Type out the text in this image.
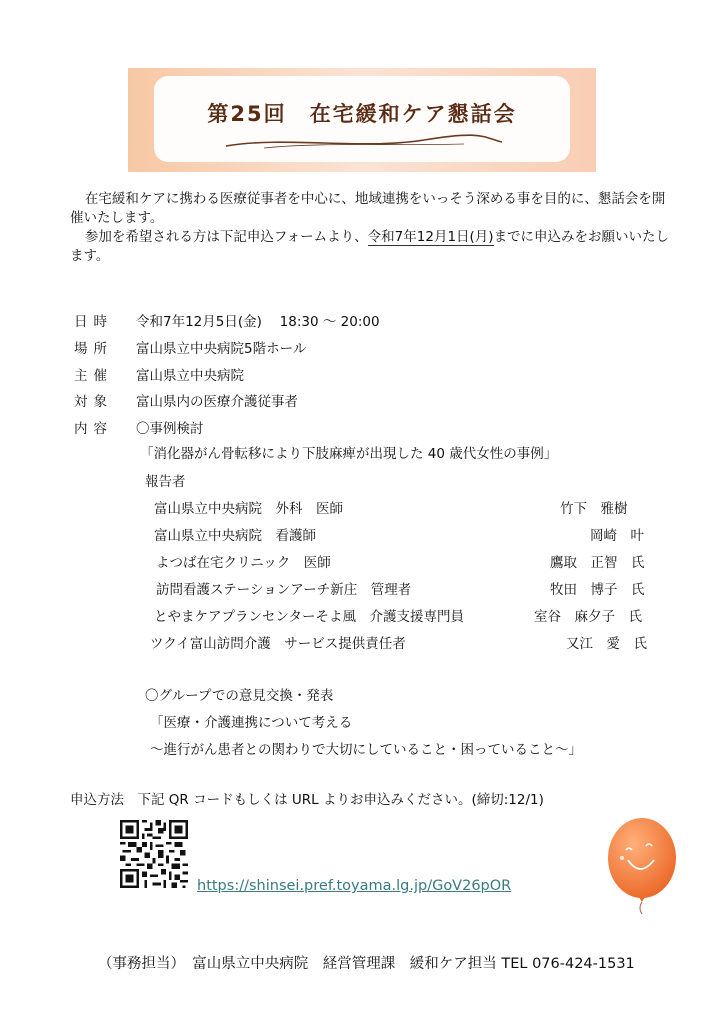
第25回　在宅緩和ケア懇話会

在宅緩和ケアに携わる医療従事者を中心に、地域連携をいっそう深める事を目的に、懇話会を開催いたします。

参加を希望される方は下記申込フォームより、令和7年12月1日(月)までに申込みをお願いいたします。

日時 令和7年12月5日(金)　 18:30 ～ 20:00
場所 富山県立中央病院5階ホール
主催 富山県立中央病院
対象 富山県内の医療介護従事者
内容 〇事例検討
「消化器がん骨転移により下肢麻痺が出現した 40 歳代女性の事例」
報告者
富山県立中央病院　外科　医師	竹下　雅樹
富山県立中央病院　看護師	岡崎　叶
よつば在宅クリニック　医師	鷹取　正智　氏
訪問看護ステーションアーチ新庄　管理者	牧田　博子　氏
とやまケアプランセンターそよ風　介護支援専門員	室谷　麻夕子　氏
ツクイ富山訪問介護　サービス提供責任者	又江　愛　氏
〇グループでの意見交換・発表
「医療・介護連携について考える
～進行がん患者との関わりで大切にしていること・困っていること～」
申込方法　下記 QR コードもしくは URL よりお申込みください。(締切:12/1)
https://shinsei.pref.toyama.lg.jp/GoV26pOR
（事務担当）　富山県立中央病院　経営管理課　緩和ケア担当 TEL 076-424-1531
